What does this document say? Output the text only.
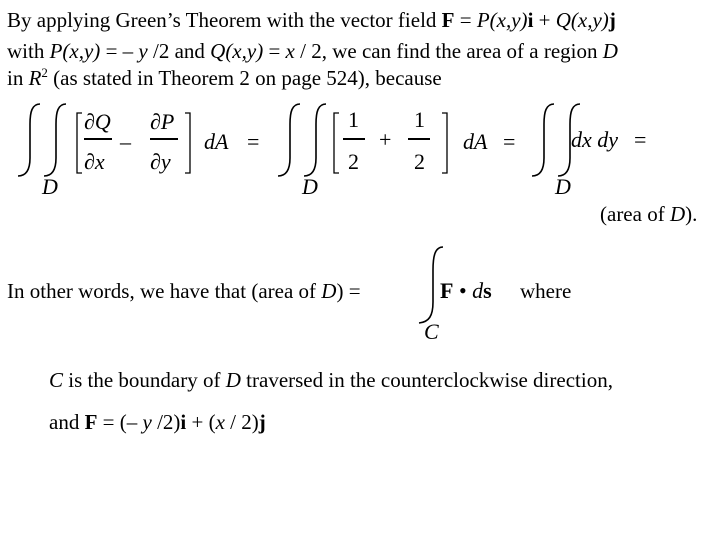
By applying Green’s Theorem with the vector field F = P(x,y)i + Q(x,y)j
with P(x,y) = – y /2 and Q(x,y) = x / 2, we can find the area of a region D
in $R^2$ (as stated in Theorem 2 on page 524), because
D
∂Q
∂x
–
∂P
∂y
dA =
D
1
2
+
1
2
dA =
D
dx dy =
(area of D).
In other words, we have that (area of D) =	F • ds where
C
C is the boundary of D traversed in the counterclockwise direction,
and F = (– y /2)i + (x / 2)j
